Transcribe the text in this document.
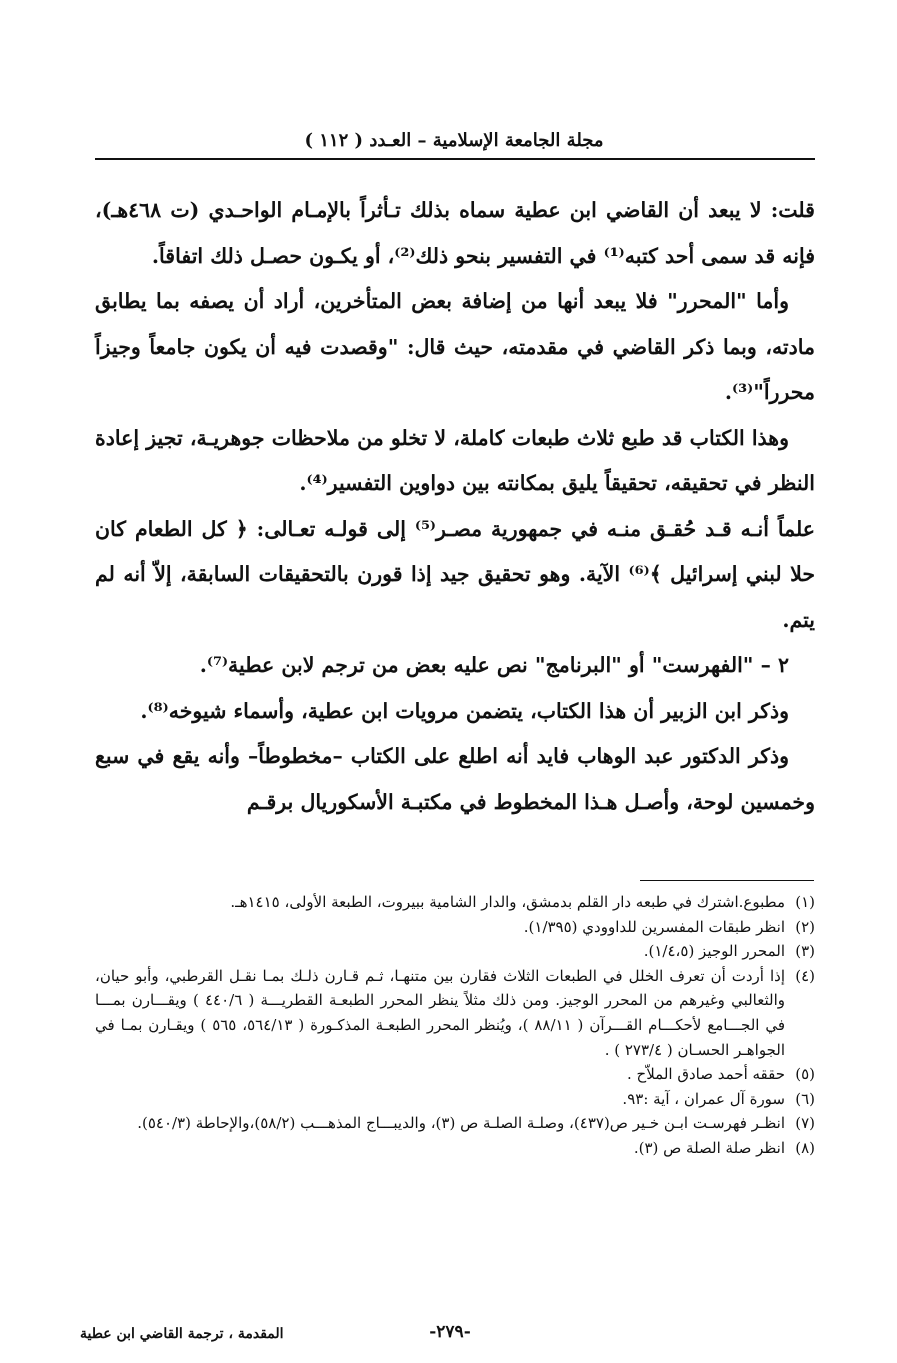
مجلة الجامعة الإسلامية – العـدد ( ١١٢ )

قلت: لا يبعد أن القاضي ابن عطية سماه بذلك تـأثراً بالإمـام الواحـدي (ت ٤٦٨هـ)، فإنه قد سمى أحد كتبه⁽¹⁾ في التفسير بنحو ذلك⁽²⁾، أو يكـون حصـل ذلك اتفاقاً.

وأما "المحرر" فلا يبعد أنها من إضافة بعض المتأخرين، أراد أن يصفه بما يطابق مادته، وبما ذكر القاضي في مقدمته، حيث قال: "وقصدت فيه أن يكون جامعاً وجيزاً محرراً"⁽³⁾.

وهذا الكتاب قد طبع ثلاث طبعات كاملة، لا تخلو من ملاحظات جوهريـة، تجيز إعادة النظر في تحقيقه، تحقيقاً يليق بمكانته بين دواوين التفسير⁽⁴⁾.

علماً أنـه قـد حُقـق منـه في جمهورية مصـر⁽⁵⁾ إلى قولـه تعـالى: ﴿ كل الطعام كان حلا لبني إسرائيل ﴾⁽⁶⁾ الآية. وهو تحقيق جيد إذا قورن بالتحقيقات السابقة، إلاّ أنه لم يتم.

٢ – "الفهرست" أو "البرنامج" نص عليه بعض من ترجم لابن عطية⁽⁷⁾.

وذكر ابن الزبير أن هذا الكتاب، يتضمن مرويات ابن عطية، وأسماء شيوخه⁽⁸⁾.

وذكر الدكتور عبد الوهاب فايد أنه اطلع على الكتاب –مخطوطاً– وأنه يقع في سبع وخمسين لوحة، وأصـل هـذا المخطوط في مكتبـة الأسكوريال برقـم

(١)
مطبوع.اشترك في طبعه دار القلم بدمشق، والدار الشامية ببيروت، الطبعة الأولى، ١٤١٥هـ.
(٢)
انظر طبقات المفسرين للداوودي (١/٣٩٥).
(٣)
المحرر الوجيز (١/٤،٥).
(٤)
إذا أردت أن تعرف الخلل في الطبعات الثلاث فقارن بين متنهـا، ثـم قـارن ذلـك بمـا نقـل القرطبي، وأبو حيان، والثعالبي وغيرهم من المحرر الوجيز. ومن ذلك مثلاً ينظر المحرر الطبعـة القطريـــة ( ٤٤٠/٦ ) ويقـــارن بمـــا في الجـــامع لأحكـــام القـــرآن ( ٨٨/١١ )، ويُنظر المحرر الطبعـة المذكـورة ( ٥٦٤/١٣، ٥٦٥ ) ويقـارن بمـا في الجواهـر الحسـان ( ٢٧٣/٤ ) .
(٥)
حققه أحمد صادق الملاّح .
(٦)
سورة آل عمران ، آية :٩٣.
(٧)
انظـر فهرسـت ابـن خـير ص(٤٣٧)، وصلـة الصلـة ص (٣)، والديبـــاج المذهـــب (٥٨/٢)،والإحاطة (٥٤٠/٣).
(٨)
انظر صلة الصلة ص (٣).
المقدمة ، ترجمة القاضي ابن عطية	-٢٧٩-
